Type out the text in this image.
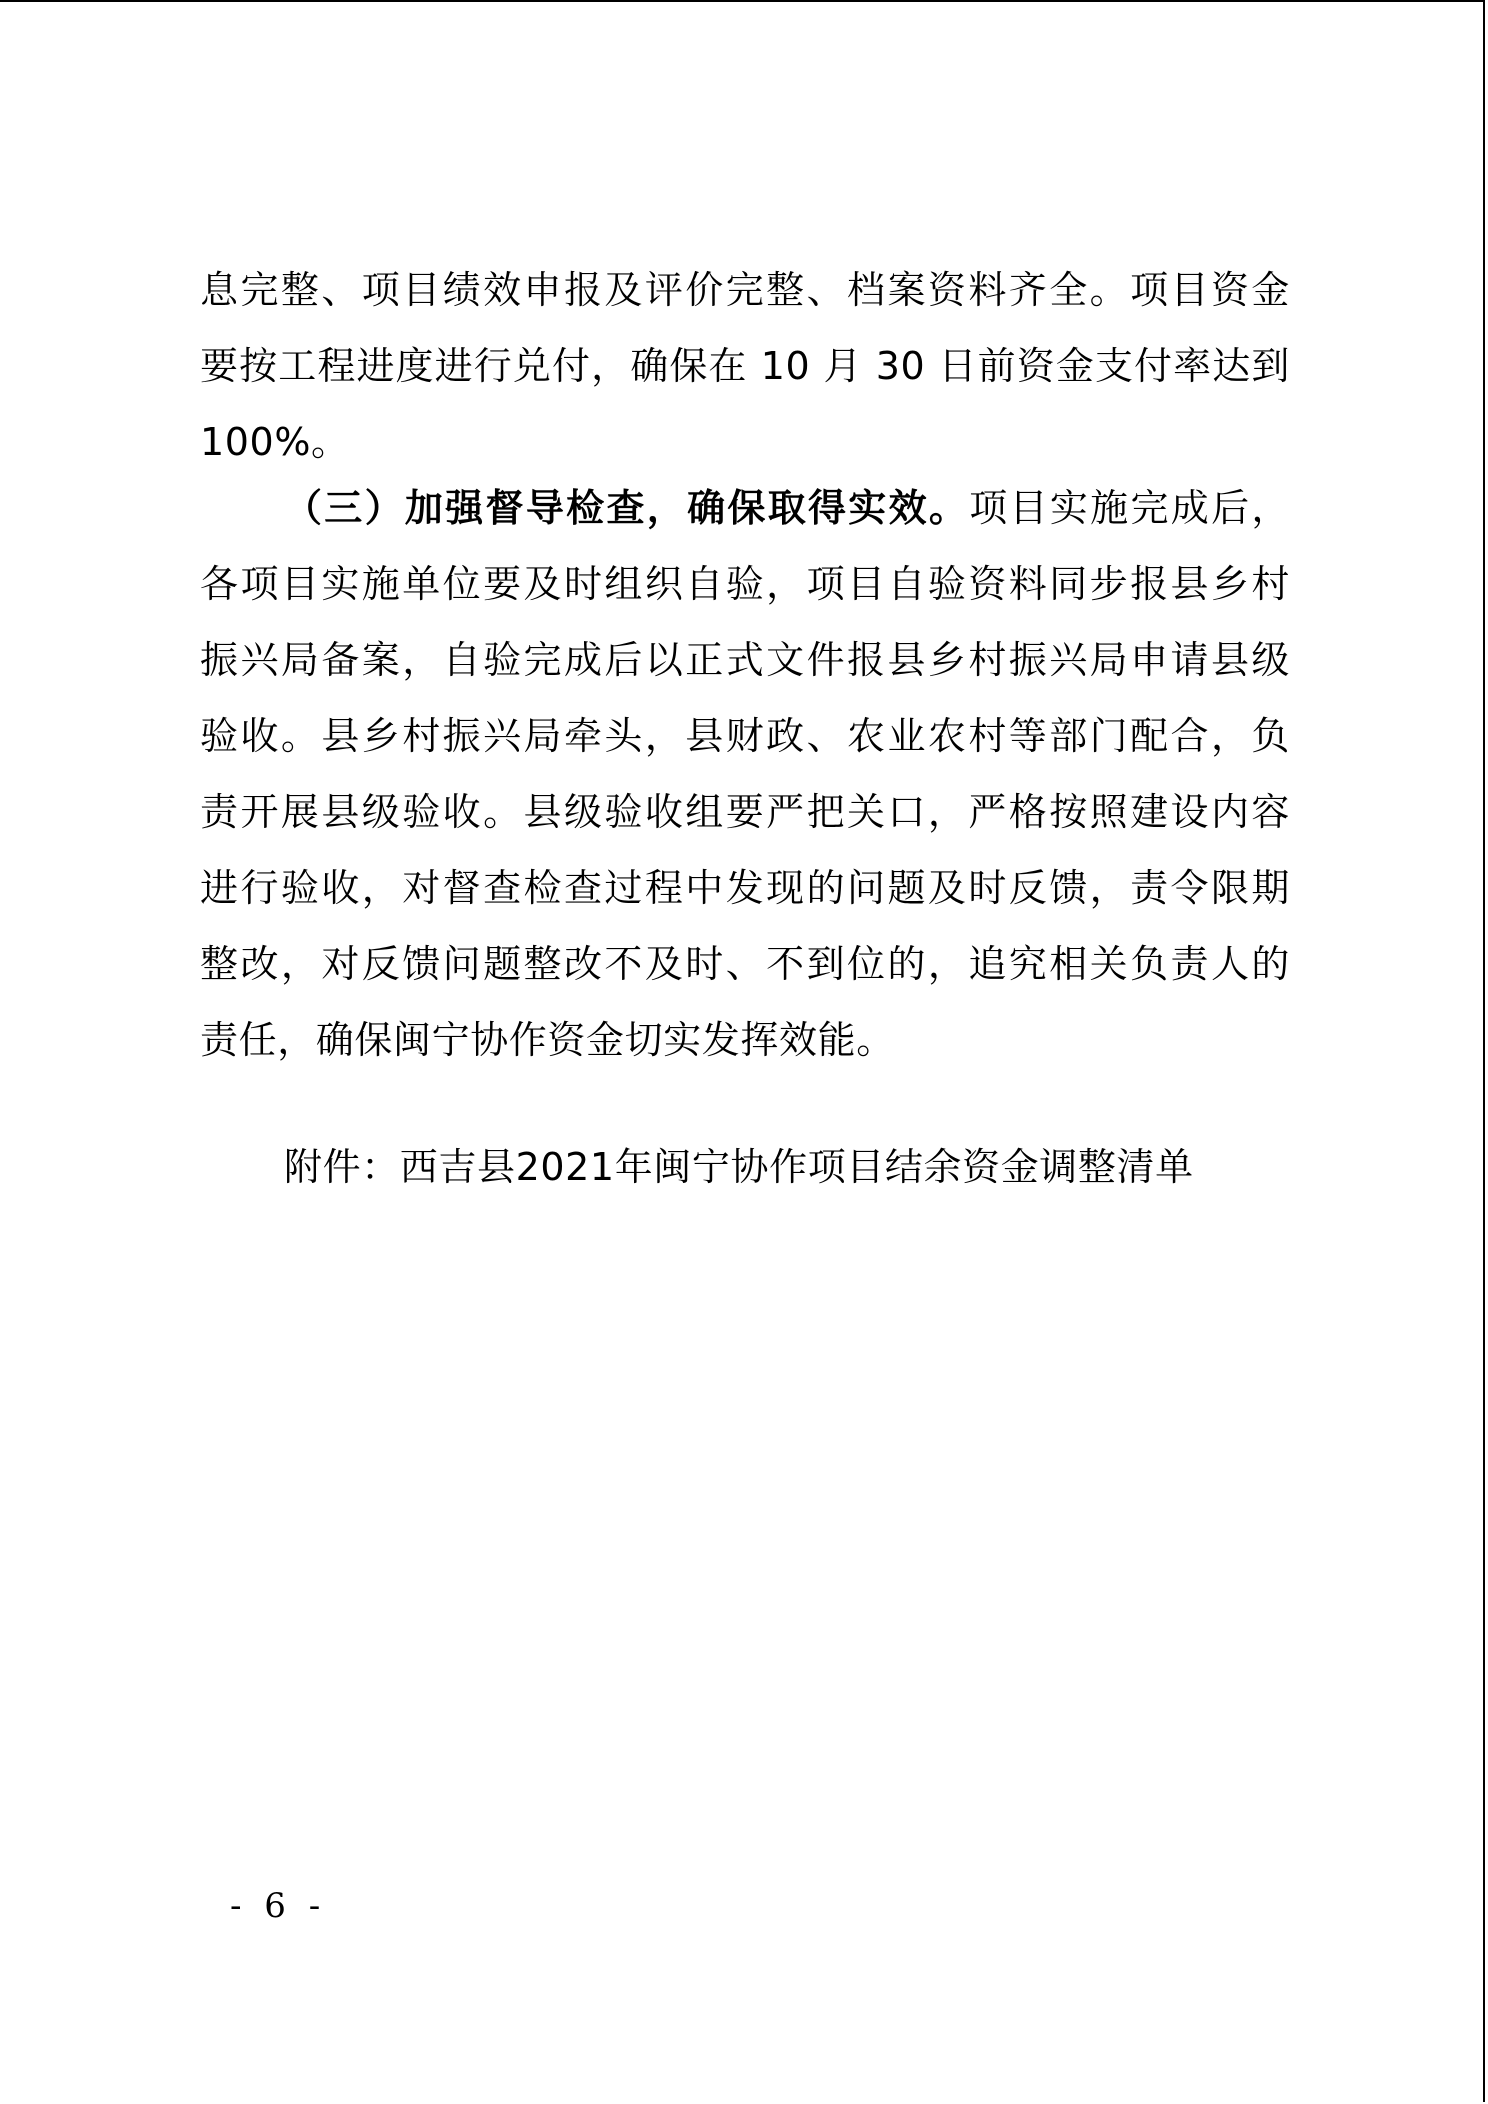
息完整、项目绩效申报及评价完整、档案资料齐全。项目资金
要按工程进度进行兑付，确保在 10 月 30 日前资金支付率达到
100%。
（三）加强督导检查，确保取得实效。项目实施完成后，
各项目实施单位要及时组织自验，项目自验资料同步报县乡村
振兴局备案，自验完成后以正式文件报县乡村振兴局申请县级
验收。县乡村振兴局牵头，县财政、农业农村等部门配合，负
责开展县级验收。县级验收组要严把关口，严格按照建设内容
进行验收，对督查检查过程中发现的问题及时反馈，责令限期
整改，对反馈问题整改不及时、不到位的，追究相关负责人的
责任，确保闽宁协作资金切实发挥效能。
附件：西吉县2021年闽宁协作项目结余资金调整清单
- 6 -
